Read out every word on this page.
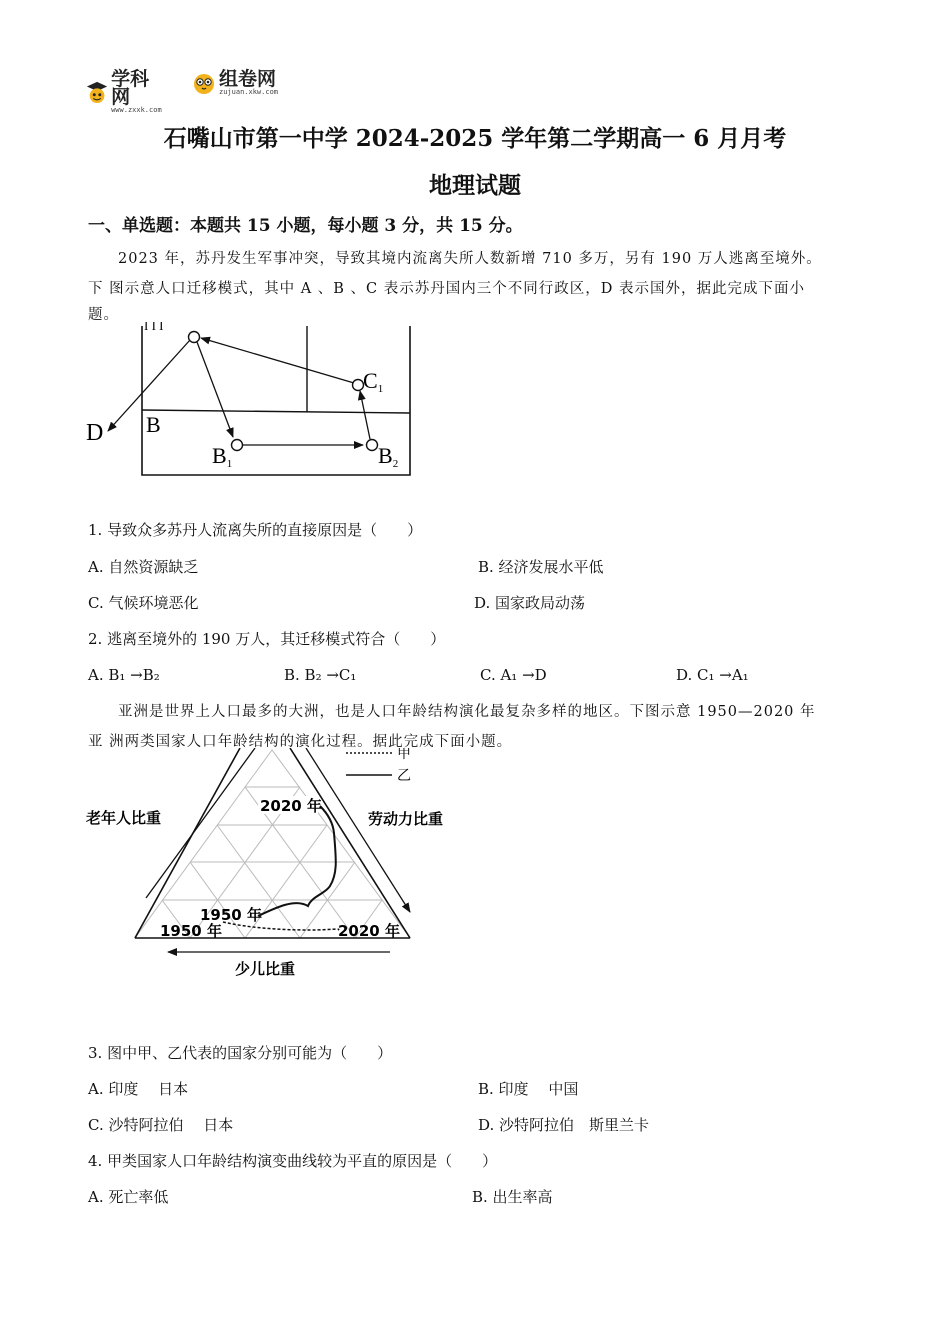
学科网
www.zxxk.com
组卷网
zujuan.xkw.com
石嘴山市第一中学 2024-2025 学年第二学期高一 6 月月考
地理试题
一、单选题：本题共 15 小题，每小题 3 分，共 15 分。
2023 年，苏丹发生军事冲突，导致其境内流离失所人数新增 710 多万，另有 190 万人逃离至境外。
下 图示意人口迁移模式，其中 A 、B 、C 表示苏丹国内三个不同行政区，D 表示国外，据此完成下面小
题。
I I I
D B
C1
B1	B2
1. 导致众多苏丹人流离失所的直接原因是（　　）
A. 自然资源缺乏	B. 经济发展水平低
C. 气候环境恶化	D. 国家政局动荡
2. 逃离至境外的 190 万人，其迁移模式符合（　　）
A. B₁ →B₂	B. B₂ →C₁	C. A₁ →D	D. C₁ →A₁
亚洲是世界上人口最多的大洲，也是人口年龄结构演化最复杂多样的地区。下图示意 1950—2020 年
亚 洲两类国家人口年龄结构的演化过程。据此完成下面小题。
甲
乙
2020 年
1950 年
1950 年	2020 年
老年人比重	劳动力比重
少儿比重
3. 图中甲、乙代表的国家分别可能为（　　）
A. 印度　 日本	B. 印度　 中国
C. 沙特阿拉伯　 日本	D. 沙特阿拉伯　斯里兰卡
4. 甲类国家人口年龄结构演变曲线较为平直的原因是（　　）
A. 死亡率低	B. 出生率高
